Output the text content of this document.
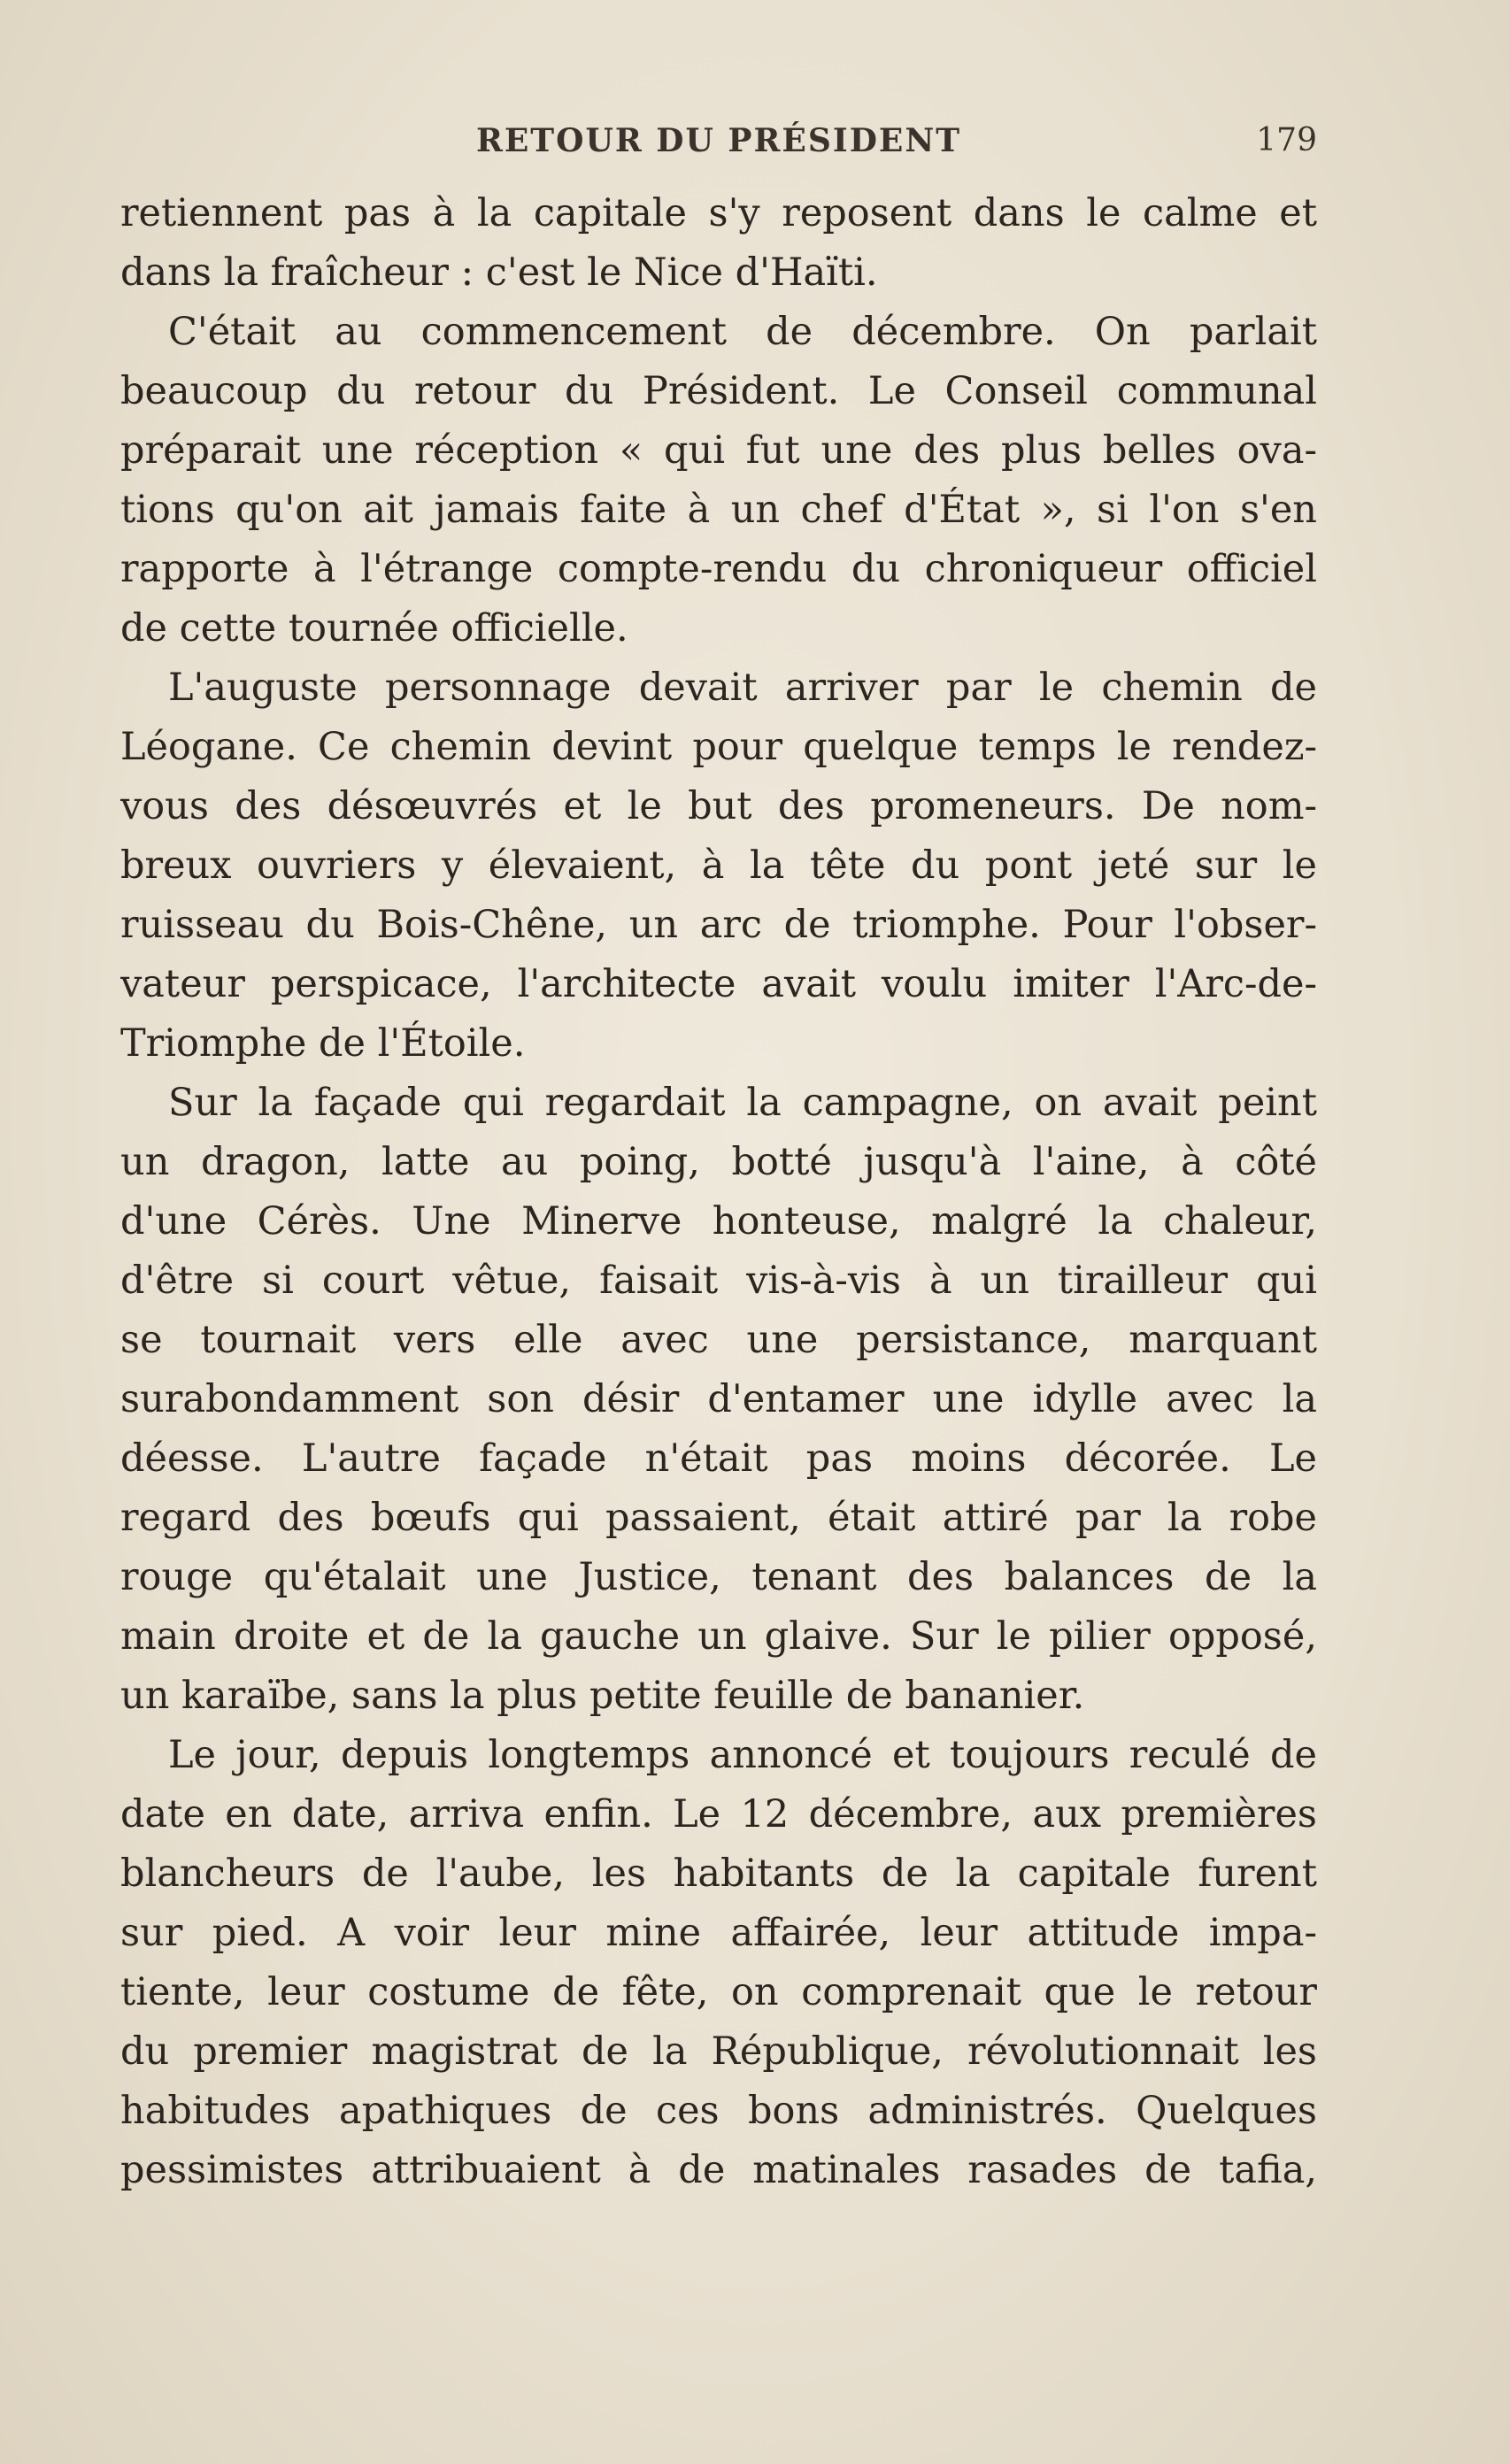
RETOUR DU PRÉSIDENT	179
retiennent pas à la capitale s'y reposent dans le calme et
dans la fraîcheur : c'est le Nice d'Haïti.
C'était au commencement de décembre. On parlait
beaucoup du retour du Président. Le Conseil communal
préparait une réception « qui fut une des plus belles ova-
tions qu'on ait jamais faite à un chef d'État », si l'on s'en
rapporte à l'étrange compte-rendu du chroniqueur officiel
de cette tournée officielle.
L'auguste personnage devait arriver par le chemin de
Léogane. Ce chemin devint pour quelque temps le rendez-
vous des désœuvrés et le but des promeneurs. De nom-
breux ouvriers y élevaient, à la tête du pont jeté sur le
ruisseau du Bois-Chêne, un arc de triomphe. Pour l'obser-
vateur perspicace, l'architecte avait voulu imiter l'Arc-de-
Triomphe de l'Étoile.
Sur la façade qui regardait la campagne, on avait peint
un dragon, latte au poing, botté jusqu'à l'aine, à côté
d'une Cérès. Une Minerve honteuse, malgré la chaleur,
d'être si court vêtue, faisait vis-à-vis à un tirailleur qui
se tournait vers elle avec une persistance, marquant
surabondamment son désir d'entamer une idylle avec la
déesse. L'autre façade n'était pas moins décorée. Le
regard des bœufs qui passaient, était attiré par la robe
rouge qu'étalait une Justice, tenant des balances de la
main droite et de la gauche un glaive. Sur le pilier opposé,
un karaïbe, sans la plus petite feuille de bananier.
Le jour, depuis longtemps annoncé et toujours reculé de
date en date, arriva enfin. Le 12 décembre, aux premières
blancheurs de l'aube, les habitants de la capitale furent
sur pied. A voir leur mine affairée, leur attitude impa-
tiente, leur costume de fête, on comprenait que le retour
du premier magistrat de la République, révolutionnait les
habitudes apathiques de ces bons administrés. Quelques
pessimistes attribuaient à de matinales rasades de tafia,
